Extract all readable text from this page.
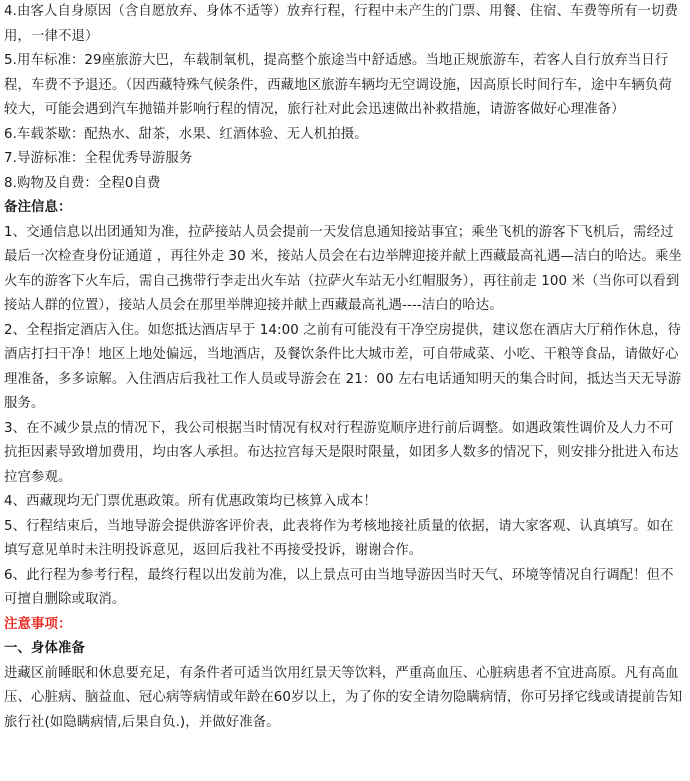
4.由客人自身原因（含自愿放弃、身体不适等）放弃行程，行程中未产生的门票、用餐、住宿、车费等所有一切费用，一律不退）

5.用车标准：29座旅游大巴，车载制氧机，提高整个旅途当中舒适感。当地正规旅游车，若客人自行放弃当日行程，车费不予退还。（因西藏特殊气候条件，西藏地区旅游车辆均无空调设施，因高原长时间行车，途中车辆负荷较大，可能会遇到汽车抛锚并影响行程的情况，旅行社对此会迅速做出补救措施，请游客做好心理准备）

6.车载茶歇：配热水、甜茶，水果、红酒体验、无人机拍摄。

7.导游标准：全程优秀导游服务

8.购物及自费：全程0自费

备注信息：

1、交通信息以出团通知为准，拉萨接站人员会提前一天发信息通知接站事宜；乘坐飞机的游客下飞机后，需经过最后一次检查身份证通道 ，再往外走 30 米，接站人员会在右边举牌迎接并献上西藏最高礼遇—洁白的哈达。乘坐火车的游客下火车后，需自己携带行李走出火车站（拉萨火车站无小红帽服务），再往前走 100 米（当你可以看到接站人群的位置），接站人员会在那里举牌迎接并献上西藏最高礼遇----洁白的哈达。

2、全程指定酒店入住。如您抵达酒店早于 14:00 之前有可能没有干净空房提供，建议您在酒店大厅稍作休息，待酒店打扫干净！地区上地处偏远，当地酒店，及餐饮条件比大城市差，可自带咸菜、小吃、干粮等食品，请做好心理准备，多多谅解。入住酒店后我社工作人员或导游会在 21：00 左右电话通知明天的集合时间，抵达当天无导游服务。

3、在不减少景点的情况下，我公司根据当时情况有权对行程游览顺序进行前后调整。如遇政策性调价及人力不可抗拒因素导致增加费用，均由客人承担。布达拉宫每天是限时限量，如团多人数多的情况下，则安排分批进入布达拉宫参观。

4、西藏现均无门票优惠政策。所有优惠政策均已核算入成本！

5、行程结束后，当地导游会提供游客评价表，此表将作为考核地接社质量的依据，请大家客观、认真填写。如在填写意见单时未注明投诉意见，返回后我社不再接受投诉，谢谢合作。

6、此行程为参考行程，最终行程以出发前为准，以上景点可由当地导游因当时天气、环境等情况自行调配！但不可擅自删除或取消。

注意事项：

一、身体准备

进藏区前睡眠和休息要充足，有条件者可适当饮用红景天等饮料，严重高血压、心脏病患者不宜进高原。凡有高血压、心脏病、脑益血、冠心病等病情或年龄在60岁以上，为了你的安全请勿隐瞒病情，你可另择它线或请提前告知旅行社(如隐瞒病情,后果自负.)，并做好准备。
